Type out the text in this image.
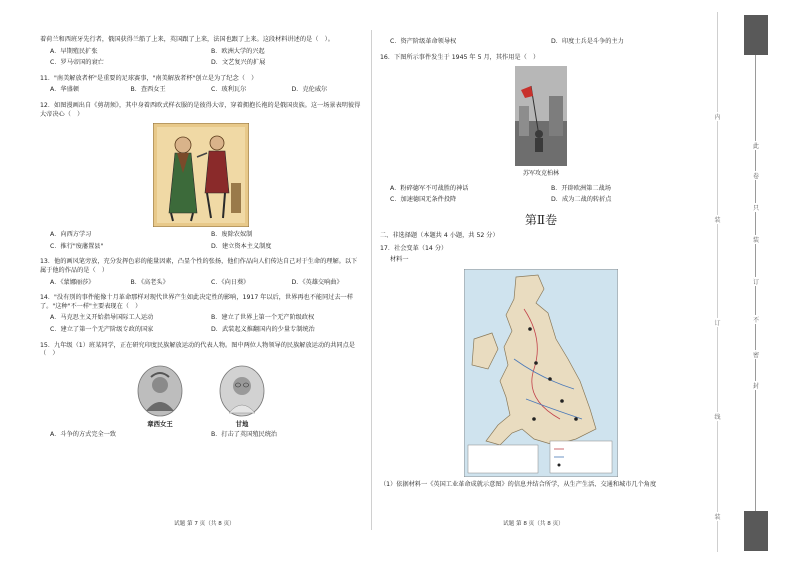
着荷兰和西班牙先行者，俄国获得兰船了上来，英国跟了上来，法国也跟了上来。这段材料讲述的是（　）。
A．早期殖民扩张	B．欧洲大学的兴起
C．罗马帝国的衰亡	D．文艺复兴的扩展
11．"南美解放者杯"是重要的足球赛事，"南美解放者杯"创立是为了纪念（　）
A．华盛顿	B．查西女王	C．玻利瓦尔	D．克伦威尔
12．如图漫画出自《剪胡须》，其中身着西欧式样衣服的是彼得大帝，穿着拥抱长袍的是俄国贵族。这一场景表明彼得大帝决心（　）
A．向西方学习	B．废除农奴制
C．推行"废藩置县"	D．建立资本主义制度
13．他的画风笔旁放，充分发挥色彩的能量因素，凸显个性的张扬，他们作品向人们传达自己对于生命的理解。以下属于他的作品的是（　）
A．《蒙娜丽莎》	B．《高老头》	C．《向日葵》	D．《英雄交响曲》
14．"没有别的事件能像十月革命那样对现代世界产生如此决定性的影响，1917 年以后，世界再也不能同过去一样了。"这种"不一样"主要表现在（　）
A．马克思主义开始指导国际工人运动	B．建立了世界上第一个无产阶级政权
C．建立了第一个无产阶级专政的国家	D．武装起义推翻国内的少量专制统治
15．九年级（1）班某同学，正在研究印度民族解放运动的代表人物。图中两位人物领导的民族解放运动的共同点是（　）
章西女王	甘地
A．斗争的方式完全一致	B．打击了英国殖民统治
试题 第 7 页（共 8 页）
C．资产阶级革命领导权	D．印度士兵是斗争的主力
16．下图所示事件发生于 1945 年 5 月，其作用是（　）
苏军攻克柏林
A．粉碎德军不可战胜的神话	B．开辟欧洲第二战场
C．加速德国无条件投降	D．成为二战的转折点
第Ⅱ卷
二、非选择题（本题共 4 小题，共 52 分）
17．社会变革（14 分）
材料一
（1）依据材料一《英国工业革命成就示意图》的信息并结合所学，从生产生活、交通和城市几个角度
试题 第 8 页（共 8 页）
内
装
订
线
装
此
卷
只
装
订
不
密
封
